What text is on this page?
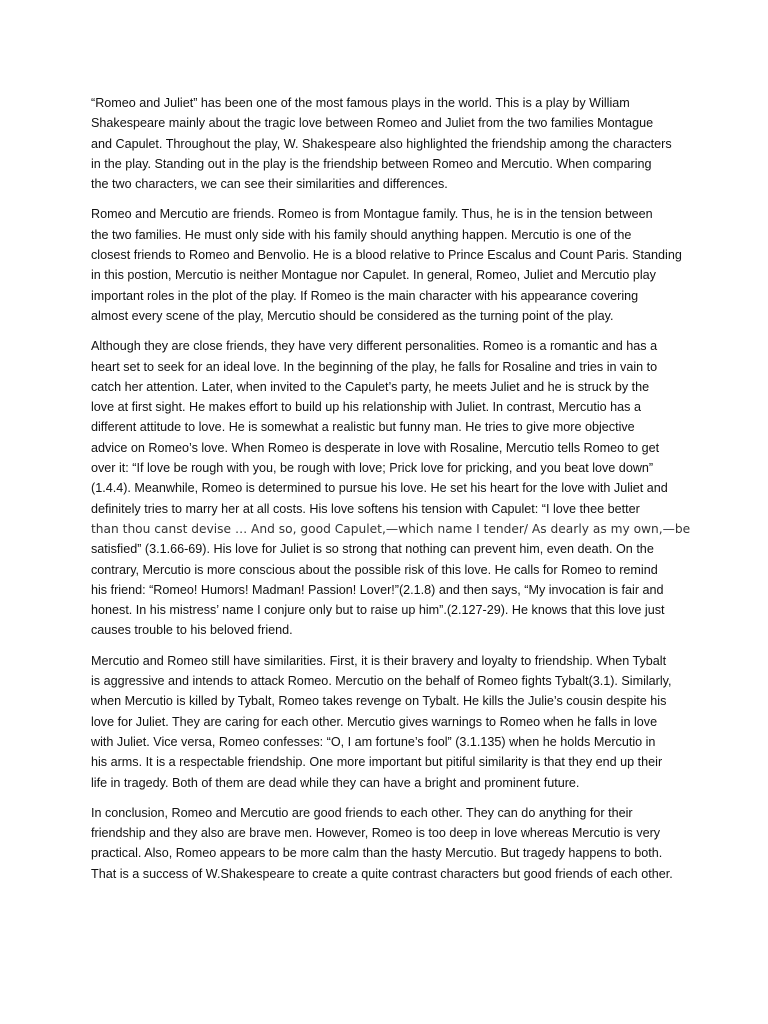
“Romeo and Juliet” has been one of the most famous plays in the world. This is a play by William
Shakespeare mainly about the tragic love between Romeo and Juliet from the two families Montague
and Capulet. Throughout the play, W. Shakespeare also highlighted the friendship among the characters
in the play. Standing out in the play is the friendship between Romeo and Mercutio. When comparing
the two characters, we can see their similarities and differences.

Romeo and Mercutio are friends. Romeo is from Montague family. Thus, he is in the tension between
the two families. He must only side with his family should anything happen. Mercutio is one of the
closest friends to Romeo and Benvolio. He is a blood relative to Prince Escalus and Count Paris. Standing
in this postion, Mercutio is neither Montague nor Capulet. In general, Romeo, Juliet and Mercutio play
important roles in the plot of the play. If Romeo is the main character with his appearance covering
almost every scene of the play, Mercutio should be considered as the turning point of the play.

Although they are close friends, they have very different personalities. Romeo is a romantic and has a
heart set to seek for an ideal love. In the beginning of the play, he falls for Rosaline and tries in vain to
catch her attention. Later, when invited to the Capulet’s party, he meets Juliet and he is struck by the
love at first sight. He makes effort to build up his relationship with Juliet. In contrast, Mercutio has a
different attitude to love. He is somewhat a realistic but funny man. He tries to give more objective
advice on Romeo’s love. When Romeo is desperate in love with Rosaline, Mercutio tells Romeo to get
over it: “If love be rough with you, be rough with love; Prick love for pricking, and you beat love down”
(1.4.4). Meanwhile, Romeo is determined to pursue his love. He set his heart for the love with Juliet and
definitely tries to marry her at all costs. His love softens his tension with Capulet: “I love thee better
than thou canst devise … And so, good Capulet,—which name I tender/ As dearly as my own,—be
satisfied” (3.1.66-69). His love for Juliet is so strong that nothing can prevent him, even death. On the
contrary, Mercutio is more conscious about the possible risk of this love. He calls for Romeo to remind
his friend: “Romeo! Humors! Madman! Passion! Lover!”(2.1.8) and then says, “My invocation is fair and
honest. In his mistress’ name I conjure only but to raise up him”.(2.127-29). He knows that this love just
causes trouble to his beloved friend.

Mercutio and Romeo still have similarities. First, it is their bravery and loyalty to friendship. When Tybalt
is aggressive and intends to attack Romeo. Mercutio on the behalf of Romeo fights Tybalt(3.1). Similarly,
when Mercutio is killed by Tybalt, Romeo takes revenge on Tybalt. He kills the Julie’s cousin despite his
love for Juliet. They are caring for each other. Mercutio gives warnings to Romeo when he falls in love
with Juliet. Vice versa, Romeo confesses: “O, I am fortune’s fool” (3.1.135) when he holds Mercutio in
his arms. It is a respectable friendship. One more important but pitiful similarity is that they end up their
life in tragedy. Both of them are dead while they can have a bright and prominent future.

In conclusion, Romeo and Mercutio are good friends to each other. They can do anything for their
friendship and they also are brave men. However, Romeo is too deep in love whereas Mercutio is very
practical. Also, Romeo appears to be more calm than the hasty Mercutio. But tragedy happens to both.
That is a success of W.Shakespeare to create a quite contrast characters but good friends of each other.
